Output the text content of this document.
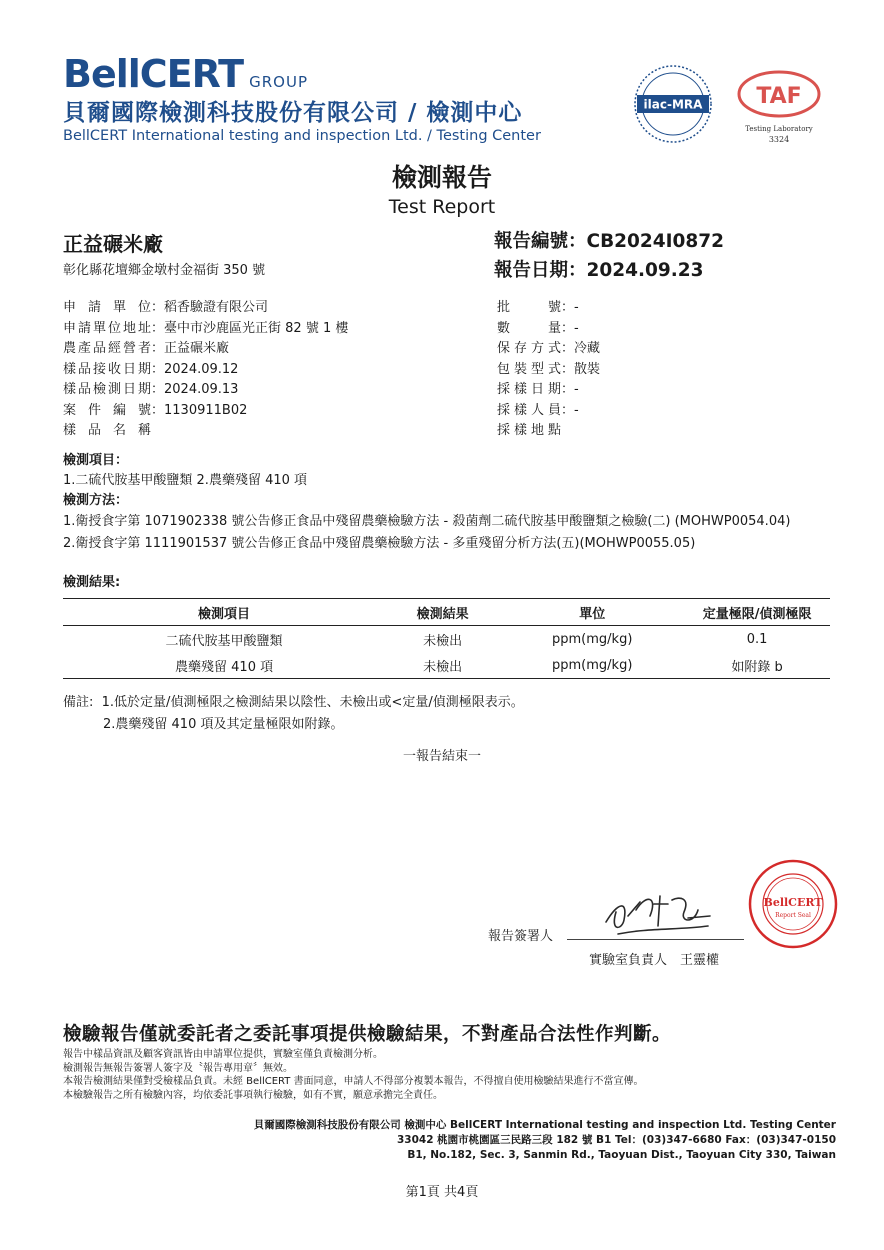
BellCERT GROUP
貝爾國際檢測科技股份有限公司 / 檢測中心
BellCERT International testing and inspection Ltd. / Testing Center
ilac-MRA TAF
Testing Laboratory
3324
檢測報告
Test Report
正益碾米廠
彰化縣花壇鄉金墩村金福街 350 號
報告編號：CB2024I0872
報告日期：2024.09.23
申請單位 ： 稻香驗證有限公司
申請單位地址 ： 臺中市沙鹿區光正街 82 號 1 樓
農產品經營者 ： 正益碾米廠
樣品接收日期 ： 2024.09.12
樣品檢測日期 ： 2024.09.13
案件編號 ： 1130911B02
樣品名稱
批號 ： -
數量 ： -
保存方式 ： 冷藏
包裝型式 ： 散裝
採樣日期 ： -
採樣人員 ： -
採樣地點
檢測項目：
1.二硫代胺基甲酸鹽類 2.農藥殘留 410 項
檢測方法：
1.衛授食字第 1071902338 號公告修正食品中殘留農藥檢驗方法 - 殺菌劑二硫代胺基甲酸鹽類之檢驗(二) (MOHWP0054.04)
2.衛授食字第 1111901537 號公告修正食品中殘留農藥檢驗方法 - 多重殘留分析方法(五)(MOHWP0055.05)
檢測結果:
檢測項目	檢測結果	單位	定量極限/偵測極限
二硫代胺基甲酸鹽類	未檢出	ppm(mg/kg)	0.1
農藥殘留 410 項	未檢出	ppm(mg/kg)	如附錄 b
備註: 1.低於定量/偵測極限之檢測結果以陰性、未檢出或<定量/偵測極限表示。
2.農藥殘留 410 項及其定量極限如附錄。
一報告結束一
報告簽署人
實驗室負責人　王靈權
BellCERT
Report Seal
檢驗報告僅就委託者之委託事項提供檢驗結果，不對產品合法性作判斷。
報告中樣品資訊及顧客資訊皆由申請單位提供，實驗室僅負責檢測分析。
檢測報告無報告簽署人簽字及〝報告專用章〞無效。
本報告檢測結果僅對受檢樣品負責。未經 BellCERT 書面同意，申請人不得部分複製本報告，不得擅自使用檢驗結果進行不當宣傳。
本檢驗報告之所有檢驗內容，均依委託事項執行檢驗，如有不實，願意承擔完全責任。
貝爾國際檢測科技股份有限公司 檢測中心 BellCERT International testing and inspection Ltd. Testing Center
33042 桃園市桃園區三民路三段 182 號 B1 Tel：(03)347-6680 Fax：(03)347-0150
B1, No.182, Sec. 3, Sanmin Rd., Taoyuan Dist., Taoyuan City 330, Taiwan
第1頁 共4頁
